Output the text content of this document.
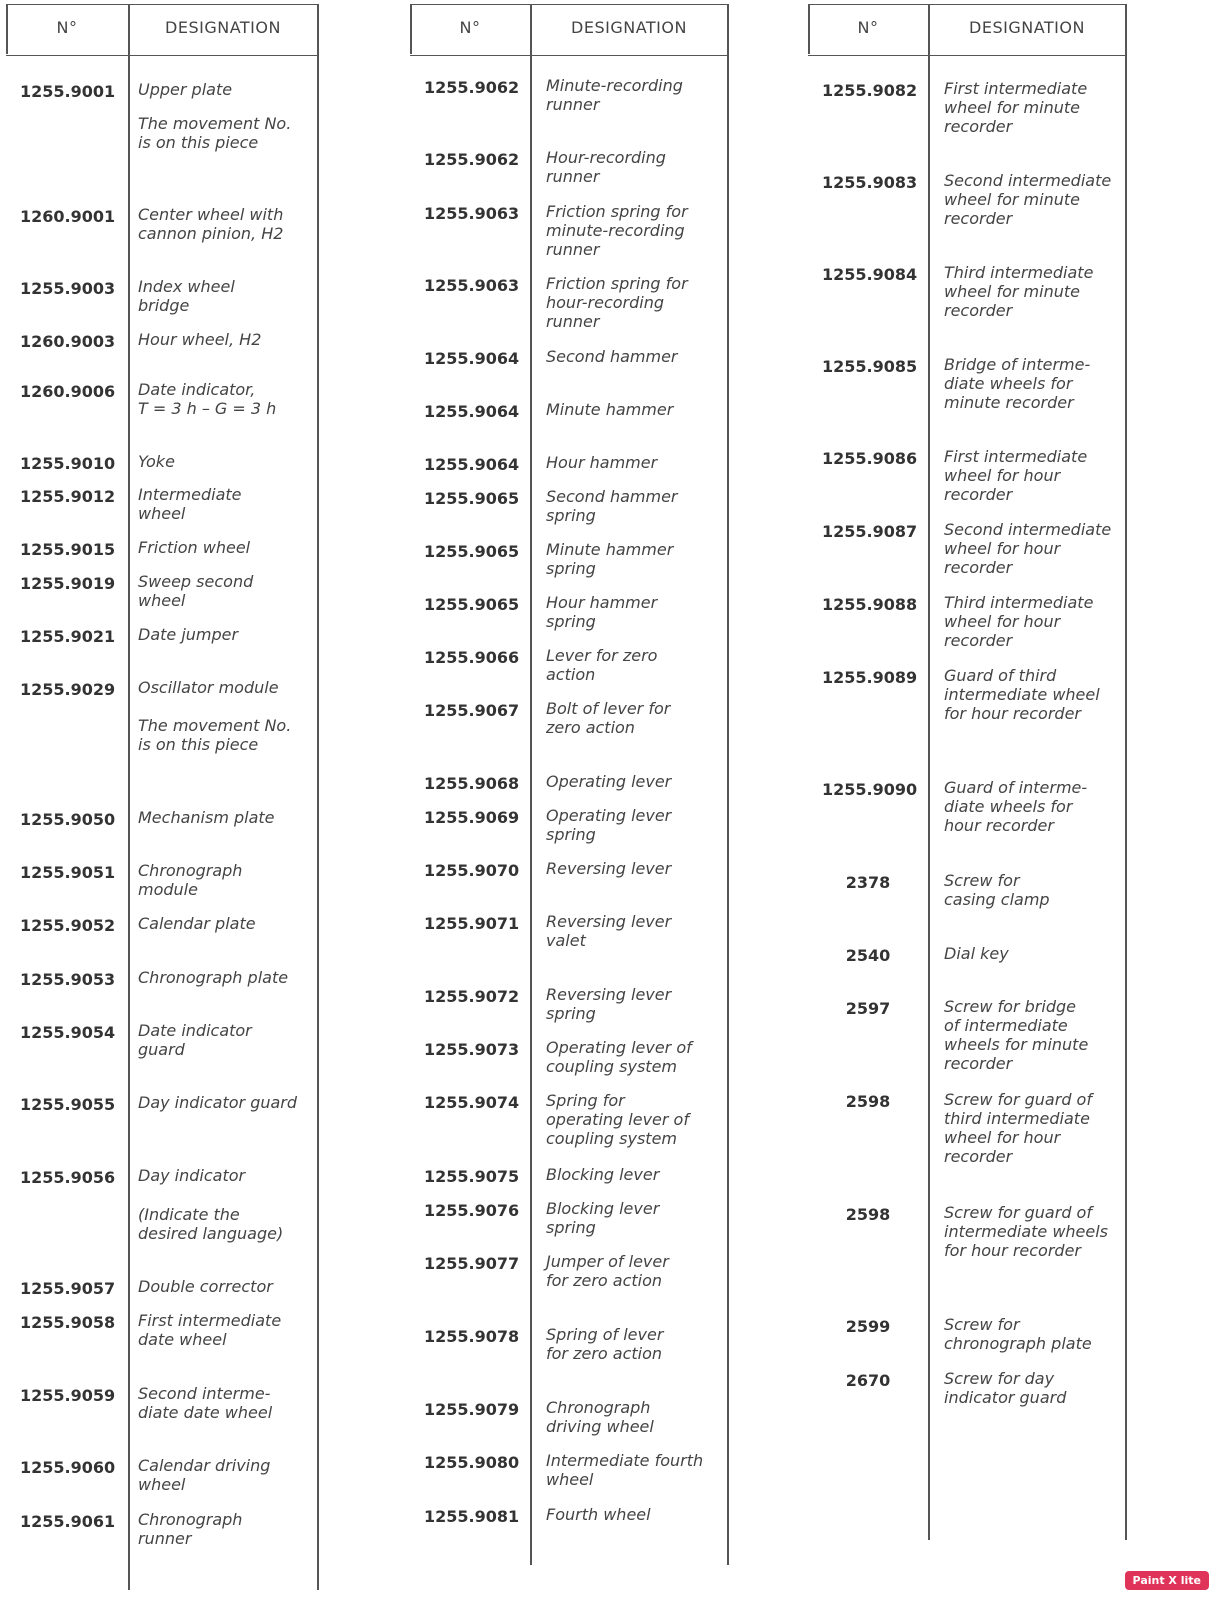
N°	DESIGNATION
1255.9001 Upper plate
The movement No.
is on this piece
1260.9001 Center wheel with
cannon pinion, H2
1255.9003 Index wheel
bridge
1260.9003 Hour wheel, H2
1260.9006 Date indicator,
T = 3 h – G = 3 h
1255.9010 Yoke
1255.9012 Intermediate
wheel
1255.9015 Friction wheel
1255.9019 Sweep second
wheel
1255.9021 Date jumper
1255.9029 Oscillator module
The movement No.
is on this piece
1255.9050 Mechanism plate
1255.9051 Chronograph
module
1255.9052 Calendar plate
1255.9053 Chronograph plate
1255.9054 Date indicator
guard
1255.9055 Day indicator guard
1255.9056 Day indicator
(Indicate the
desired language)
1255.9057 Double corrector
1255.9058 First intermediate
date wheel
1255.9059 Second interme-
diate date wheel
1255.9060 Calendar driving
wheel
1255.9061 Chronograph
runner
N°	DESIGNATION
1255.9062 Minute-recording
runner
1255.9062 Hour-recording
runner
1255.9063 Friction spring for
minute-recording
runner
1255.9063 Friction spring for
hour-recording
runner
1255.9064 Second hammer
1255.9064 Minute hammer
1255.9064 Hour hammer
1255.9065 Second hammer
spring
1255.9065 Minute hammer
spring
1255.9065 Hour hammer
spring
1255.9066 Lever for zero
action
1255.9067 Bolt of lever for
zero action
1255.9068 Operating lever
1255.9069 Operating lever
spring
1255.9070 Reversing lever
1255.9071 Reversing lever
valet
1255.9072 Reversing lever
spring
1255.9073 Operating lever of
coupling system
1255.9074 Spring for
operating lever of
coupling system
1255.9075 Blocking lever
1255.9076 Blocking lever
spring
1255.9077 Jumper of lever
for zero action
1255.9078 Spring of lever
for zero action
1255.9079 Chronograph
driving wheel
1255.9080 Intermediate fourth
wheel
1255.9081 Fourth wheel
N°	DESIGNATION
1255.9082 First intermediate
wheel for minute
recorder
1255.9083 Second intermediate
wheel for minute
recorder
1255.9084 Third intermediate
wheel for minute
recorder
1255.9085 Bridge of interme-
diate wheels for
minute recorder
1255.9086 First intermediate
wheel for hour
recorder
1255.9087 Second intermediate
wheel for hour
recorder
1255.9088 Third intermediate
wheel for hour
recorder
1255.9089 Guard of third
intermediate wheel
for hour recorder
1255.9090 Guard of interme-
diate wheels for
hour recorder
2378	Screw for
casing clamp
2540	Dial key
2597	Screw for bridge
of intermediate
wheels for minute
recorder
2598	Screw for guard of
third intermediate
wheel for hour
recorder
2598	Screw for guard of
intermediate wheels
for hour recorder
2599	Screw for
chronograph plate
2670	Screw for day
indicator guard
Paint X lite
